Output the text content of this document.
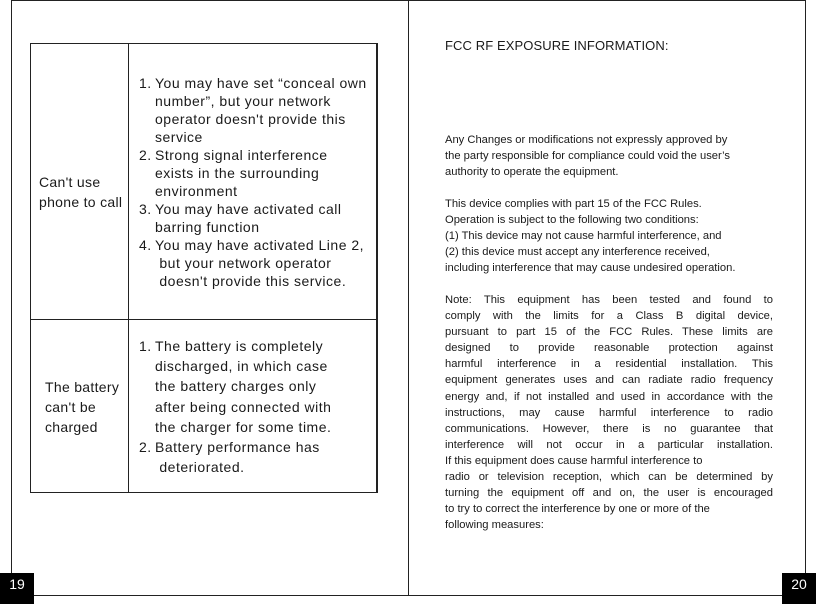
Can't use
phone to call
1. You may have set “conceal own
number”, but your network
operator doesn't provide this
service
2. Strong signal interference
exists in the surrounding
environment
3. You may have activated call
barring function
4. You may have activated Line 2,
but your network operator
doesn't provide this service.
The battery
can't be
charged
1. The battery is completely
discharged, in which case
the battery charges only
after being connected with
the charger for some time.
2. Battery performance has
deteriorated.
FCC RF EXPOSURE INFORMATION:
Any Changes or modifications not expressly approved by
the party responsible for compliance could void the user’s
authority to operate the equipment.
This device complies with part 15 of the FCC Rules.
Operation is subject to the following two conditions:
(1) This device may not cause harmful interference, and
(2) this device must accept any interference received,
including interference that may cause undesired operation.
Note: This equipment has been tested and found to
comply with the limits for a Class B digital device,
pursuant to part 15 of the FCC Rules. These limits are
designed to provide reasonable protection against
harmful interference in a residential installation. This
equipment generates uses and can radiate radio frequency
energy and, if not installed and used in accordance with the
instructions, may cause harmful interference to radio
communications. However, there is no guarantee that
interference will not occur in a particular installation.
If this equipment does cause harmful interference to
radio or television reception, which can be determined by
turning the equipment off and on, the user is encouraged
to try to correct the interference by one or more of the
following measures:
19	20
